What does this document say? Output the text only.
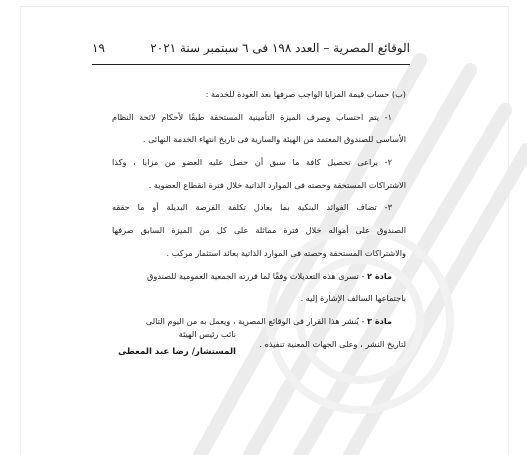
الوقائع المصرية – العدد ١٩٨ فى ٦ سبتمبر سنة ٢٠٢١
١٩
(ب) حساب قيمة المزايا الواجب صرفها بعد العودة للخدمة :
١- يتم احتساب وصرف الميزة التأمينية المستحقة طبقًا لأحكام لائحة النظام
الأساسى للصندوق المعتمد من الهيئة والسارية فى تاريخ انتهاء الخدمة النهائى .
٢- يراعى تحصيل كافة ما سبق أن حصل عليه العضو من مزايا ، وكذا
الاشتراكات المستحقة وحصته فى الموارد الذاتية خلال فترة انقطاع العضوية .
٣- تضاف الفوائد البنكية بما يعادل تكلفة الفرصة البديلة أو ما حققه
الصندوق على أمواله خلال فترة مماثلة على كل من الميزة السابق صرفها
والاشتراكات المستحقة وحصته فى الموارد الذاتية بعائد استثمار مركب .
مادة ٢ - تسرى هذه التعديلات وفقًا لما قررته الجمعية العمومية للصندوق
باجتماعها السالف الإشارة إليه .
مادة ٣ - يُنشر هذا القرار فى الوقائع المصرية ، ويعمل به من اليوم التالى
لتاريخ النشر ، وعلى الجهات المعنية تنفيذه .
نائب رئيس الهيئة
المستشار/ رضا عبد المعطى
